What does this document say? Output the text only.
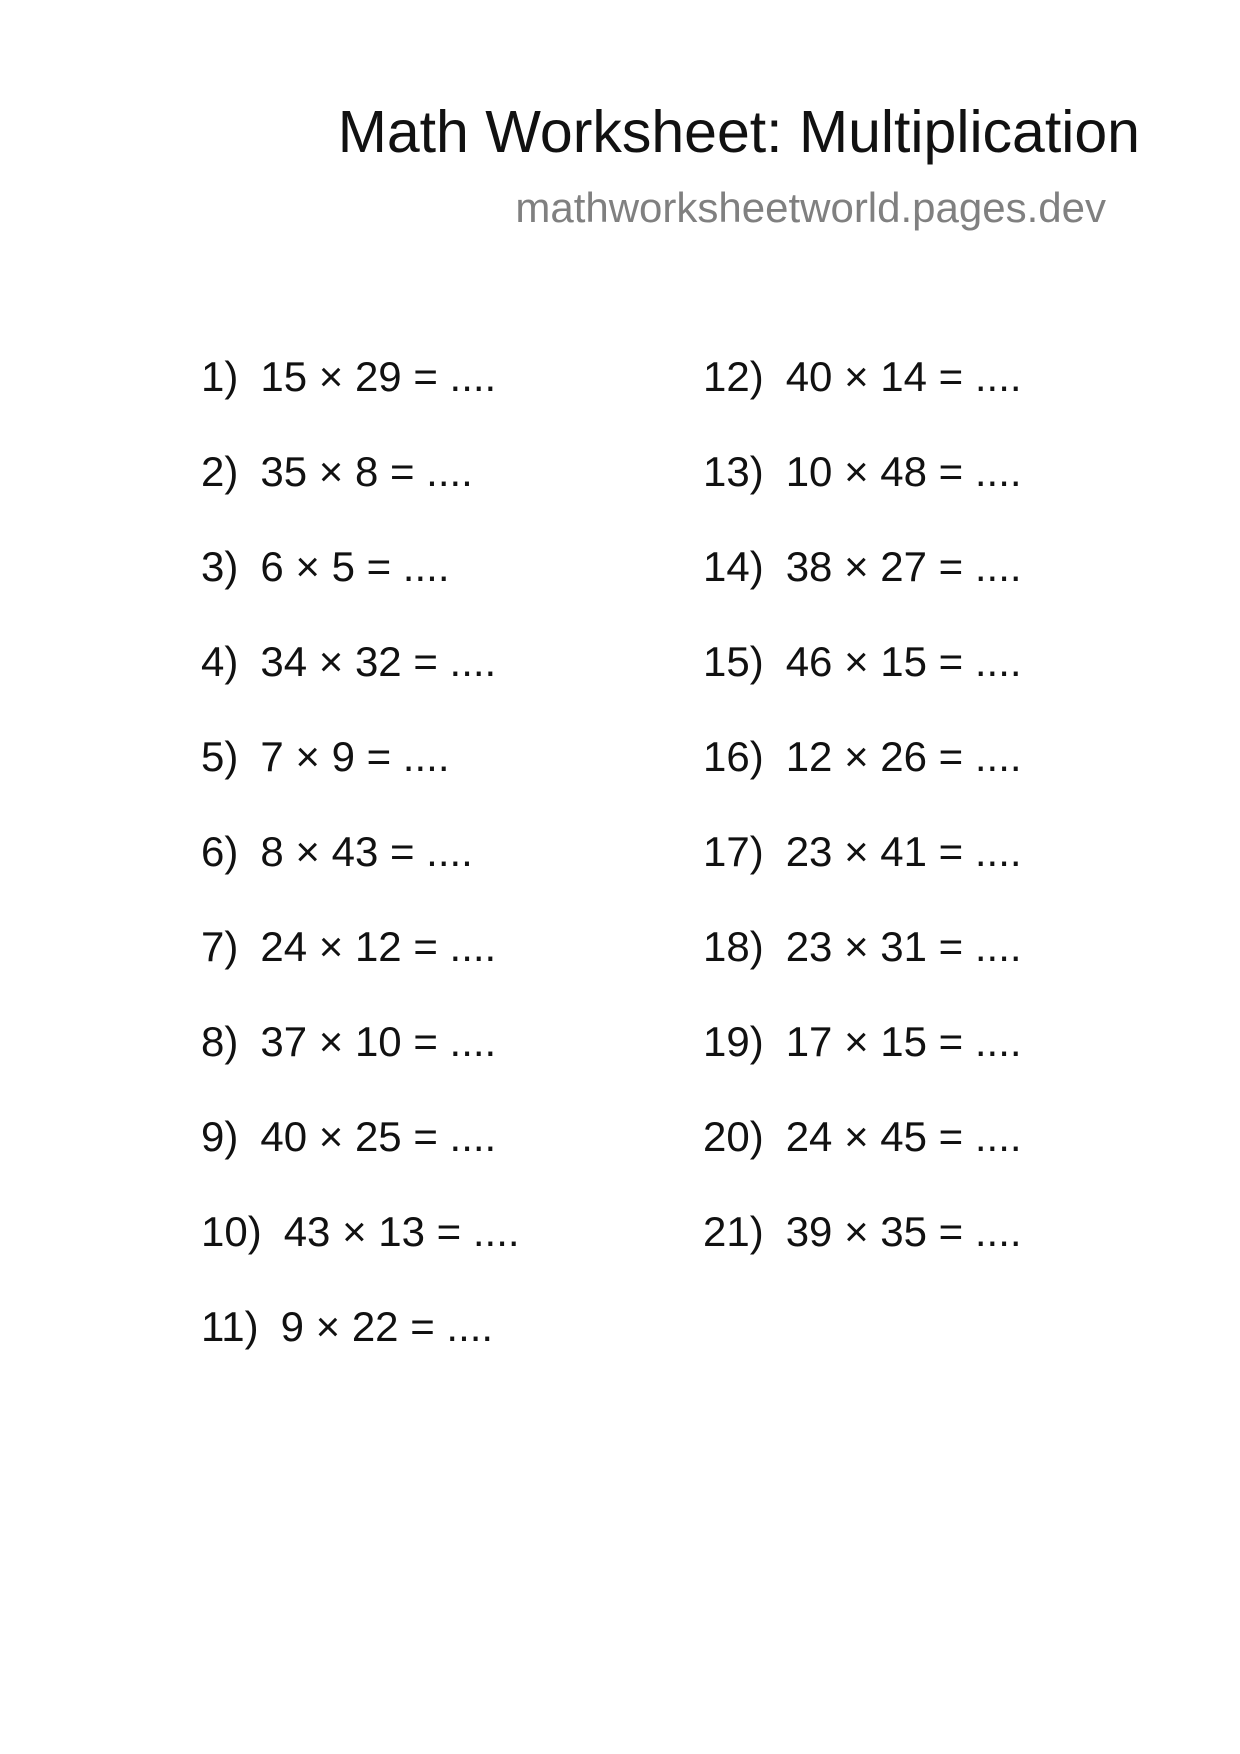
Math Worksheet: Multiplication
mathworksheetworld.pages.dev
1) 15 × 29 = ....
2) 35 × 8 = ....
3) 6 × 5 = ....
4) 34 × 32 = ....
5) 7 × 9 = ....
6) 8 × 43 = ....
7) 24 × 12 = ....
8) 37 × 10 = ....
9) 40 × 25 = ....
10) 43 × 13 = ....
11) 9 × 22 = ....
12) 40 × 14 = ....
13) 10 × 48 = ....
14) 38 × 27 = ....
15) 46 × 15 = ....
16) 12 × 26 = ....
17) 23 × 41 = ....
18) 23 × 31 = ....
19) 17 × 15 = ....
20) 24 × 45 = ....
21) 39 × 35 = ....
